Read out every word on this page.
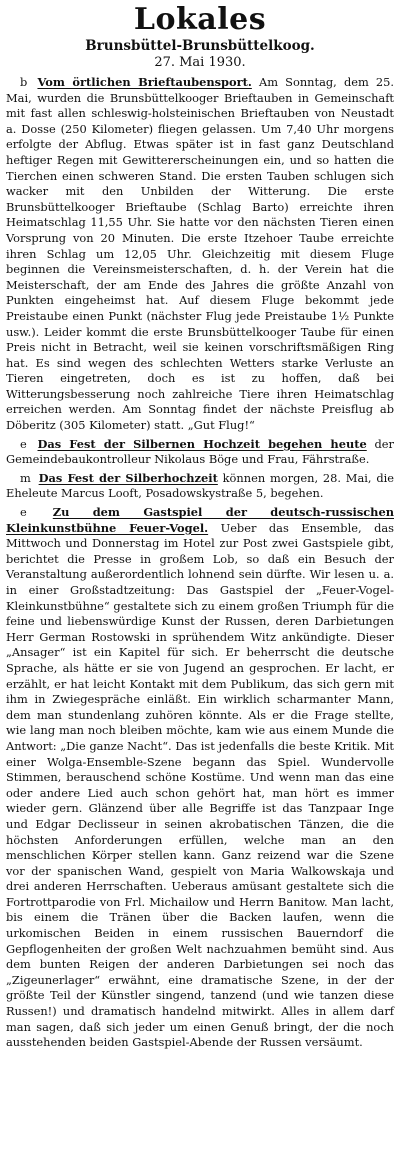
Lokales
Brunsbüttel-Brunsbüttelkoog.
27. Mai 1930.

b Vom örtlichen Brieftaubensport. Am Sonntag, dem 25. Mai, wurden die Brunsbüttelkooger Brieftauben in Gemeinschaft mit fast allen schleswig-holsteinischen Brieftauben von Neustadt a. Dosse (250 Kilometer) fliegen gelassen. Um 7,40 Uhr morgens erfolgte der Abflug. Etwas später ist in fast ganz Deutschland heftiger Regen mit Gewittererscheinungen ein, und so hatten die Tierchen einen schweren Stand. Die ersten Tauben schlugen sich wacker mit den Unbilden der Witterung. Die erste Brunsbüttelkooger Brieftaube (Schlag Barto) erreichte ihren Heimatschlag 11,55 Uhr. Sie hatte vor den nächsten Tieren einen Vorsprung von 20 Minuten. Die erste Itzehoer Taube erreichte ihren Schlag um 12,05 Uhr. Gleichzeitig mit diesem Fluge beginnen die Vereinsmeisterschaften, d. h. der Verein hat die Meisterschaft, der am Ende des Jahres die größte Anzahl von Punkten eingeheimst hat. Auf diesem Fluge bekommt jede Preistaube einen Punkt (nächster Flug jede Preistaube 1½ Punkte usw.). Leider kommt die erste Brunsbüttelkooger Taube für einen Preis nicht in Betracht, weil sie keinen vorschriftsmäßigen Ring hat. Es sind wegen des schlechten Wetters starke Verluste an Tieren eingetreten, doch es ist zu hoffen, daß bei Witterungsbesserung noch zahlreiche Tiere ihren Heimatschlag erreichen werden. Am Sonntag findet der nächste Preisflug ab Döberitz (305 Kilometer) statt. „Gut Flug!“

e Das Fest der Silbernen Hochzeit begehen heute der Gemeindebaukontrolleur Nikolaus Böge und Frau, Fährstraße.

m Das Fest der Silberhochzeit können morgen, 28. Mai, die Eheleute Marcus Looft, Posadowskystraße 5, begehen.

e Zu dem Gastspiel der deutsch-russischen Kleinkunstbühne Feuer-Vogel. Ueber das Ensemble, das Mittwoch und Donnerstag im Hotel zur Post zwei Gastspiele gibt, berichtet die Presse in großem Lob, so daß ein Besuch der Veranstaltung außerordentlich lohnend sein dürfte. Wir lesen u. a. in einer Großstadtzeitung: Das Gastspiel der „Feuer-Vogel-Kleinkunstbühne“ gestaltete sich zu einem großen Triumph für die feine und liebenswürdige Kunst der Russen, deren Darbietungen Herr German Rostowski in sprühendem Witz ankündigte. Dieser „Ansager“ ist ein Kapitel für sich. Er beherrscht die deutsche Sprache, als hätte er sie von Jugend an gesprochen. Er lacht, er erzählt, er hat leicht Kontakt mit dem Publikum, das sich gern mit ihm in Zwiegespräche einläßt. Ein wirklich scharmanter Mann, dem man stundenlang zuhören könnte. Als er die Frage stellte, wie lang man noch bleiben möchte, kam wie aus einem Munde die Antwort: „Die ganze Nacht“. Das ist jedenfalls die beste Kritik. Mit einer Wolga-Ensemble-Szene begann das Spiel. Wundervolle Stimmen, berauschend schöne Kostüme. Und wenn man das eine oder andere Lied auch schon gehört hat, man hört es immer wieder gern. Glänzend über alle Begriffe ist das Tanzpaar Inge und Edgar Declisseur in seinen akrobatischen Tänzen, die die höchsten Anforderungen erfüllen, welche man an den menschlichen Körper stellen kann. Ganz reizend war die Szene vor der spanischen Wand, gespielt von Maria Walkowskaja und drei anderen Herrschaften. Ueberaus amüsant gestaltete sich die Fortrottparodie von Frl. Michailow und Herrn Banitow. Man lacht, bis einem die Tränen über die Backen laufen, wenn die urkomischen Beiden in einem russischen Bauerndorf die Gepflogenheiten der großen Welt nachzuahmen bemüht sind. Aus dem bunten Reigen der anderen Darbietungen sei noch das „Zigeunerlager“ erwähnt, eine dramatische Szene, in der der größte Teil der Künstler singend, tanzend (und wie tanzen diese Russen!) und dramatisch handelnd mitwirkt. Alles in allem darf man sagen, daß sich jeder um einen Genuß bringt, der die noch ausstehenden beiden Gastspiel-Abende der Russen versäumt.
